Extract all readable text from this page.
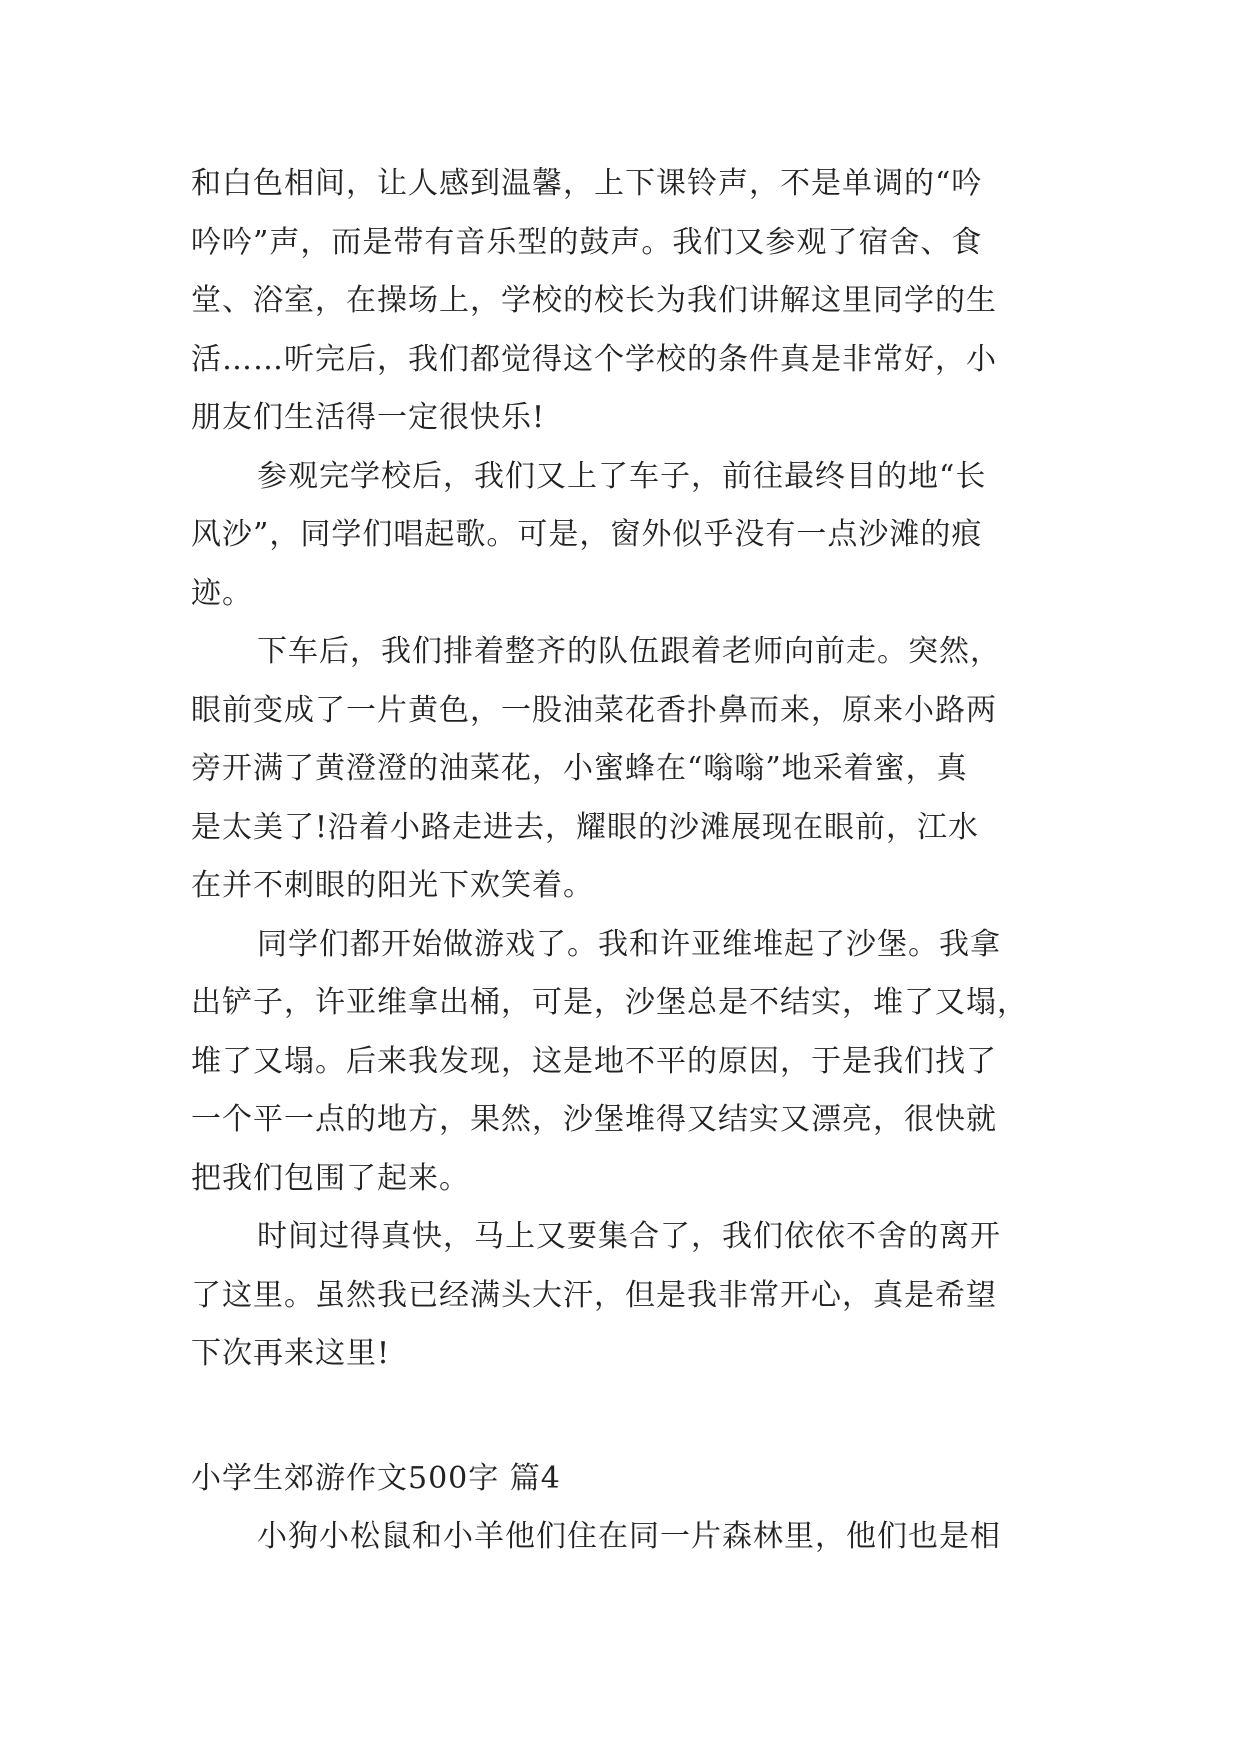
和白色相间，让人感到温馨，上下课铃声，不是单调的“吟
吟吟”声，而是带有音乐型的鼓声。我们又参观了宿舍、食
堂、浴室，在操场上，学校的校长为我们讲解这里同学的生
活……听完后，我们都觉得这个学校的条件真是非常好，小
朋友们生活得一定很快乐!
参观完学校后，我们又上了车子，前往最终目的地“长
风沙”，同学们唱起歌。可是，窗外似乎没有一点沙滩的痕
迹。
下车后，我们排着整齐的队伍跟着老师向前走。突然，
眼前变成了一片黄色，一股油菜花香扑鼻而来，原来小路两
旁开满了黄澄澄的油菜花，小蜜蜂在“嗡嗡”地采着蜜，真
是太美了!沿着小路走进去，耀眼的沙滩展现在眼前，江水
在并不刺眼的阳光下欢笑着。
同学们都开始做游戏了。我和许亚维堆起了沙堡。我拿
出铲子，许亚维拿出桶，可是，沙堡总是不结实，堆了又塌，
堆了又塌。后来我发现，这是地不平的原因，于是我们找了
一个平一点的地方，果然，沙堡堆得又结实又漂亮，很快就
把我们包围了起来。
时间过得真快，马上又要集合了，我们依依不舍的离开
了这里。虽然我已经满头大汗，但是我非常开心，真是希望
下次再来这里!
小学生郊游作文500字 篇4
小狗小松鼠和小羊他们住在同一片森林里，他们也是相
